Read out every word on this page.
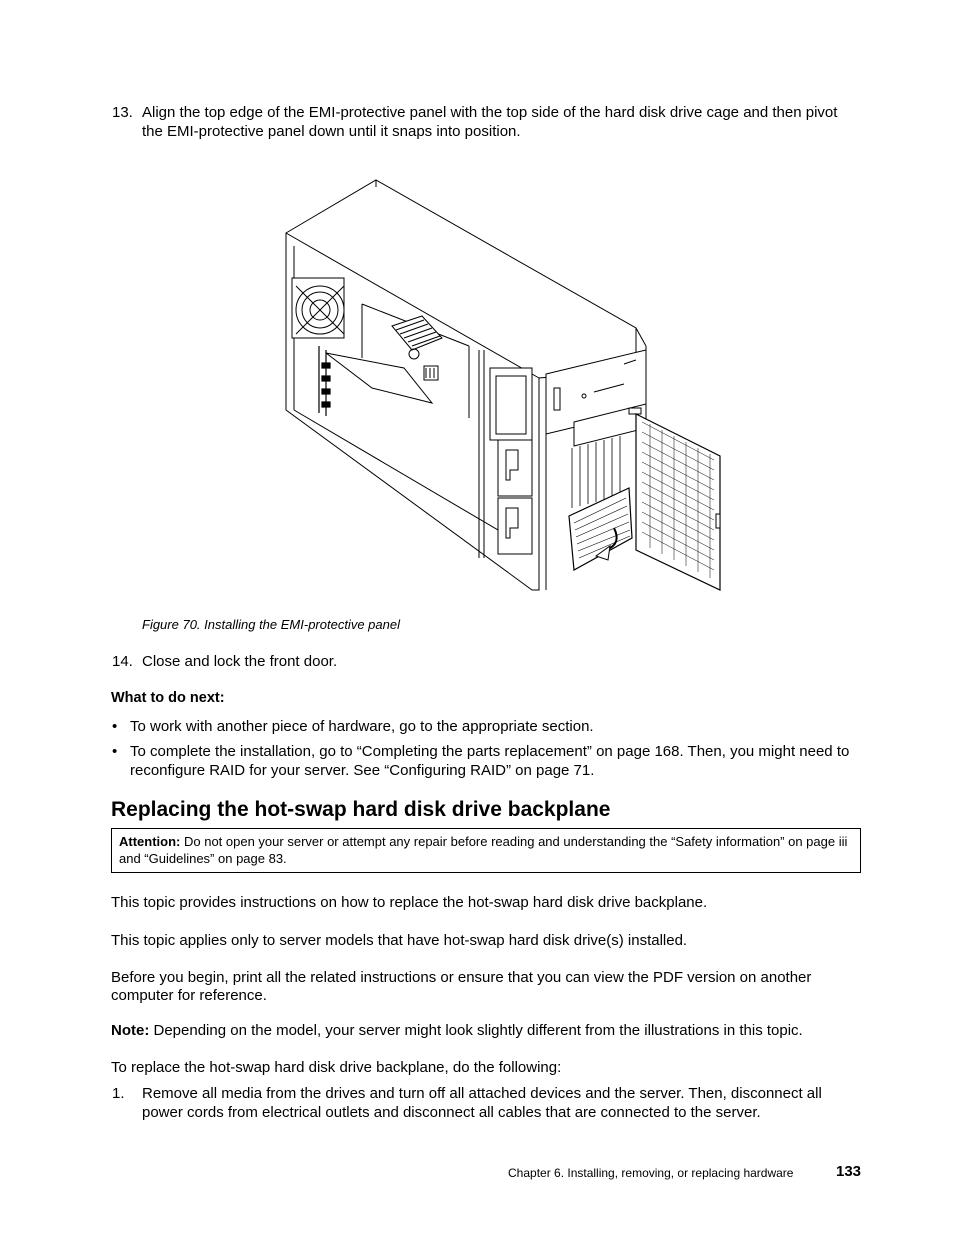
13. Align the top edge of the EMI-protective panel with the top side of the hard disk drive cage and then pivot the EMI-protective panel down until it snaps into position.
Figure 70. Installing the EMI-protective panel
14. Close and lock the front door.
What to do next:
• To work with another piece of hardware, go to the appropriate section.
• To complete the installation, go to “Completing the parts replacement” on page 168. Then, you might need to reconfigure RAID for your server. See “Configuring RAID” on page 71.
Replacing the hot-swap hard disk drive backplane
Attention: Do not open your server or attempt any repair before reading and understanding the “Safety information” on page iii and “Guidelines” on page 83.

This topic provides instructions on how to replace the hot-swap hard disk drive backplane.

This topic applies only to server models that have hot-swap hard disk drive(s) installed.

Before you begin, print all the related instructions or ensure that you can view the PDF version on another computer for reference.

Note: Depending on the model, your server might look slightly different from the illustrations in this topic.

To replace the hot-swap hard disk drive backplane, do the following:

1.	Remove all media from the drives and turn off all attached devices and the server. Then, disconnect all power cords from electrical outlets and disconnect all cables that are connected to the server.
Chapter 6. Installing, removing, or replacing hardware	133
